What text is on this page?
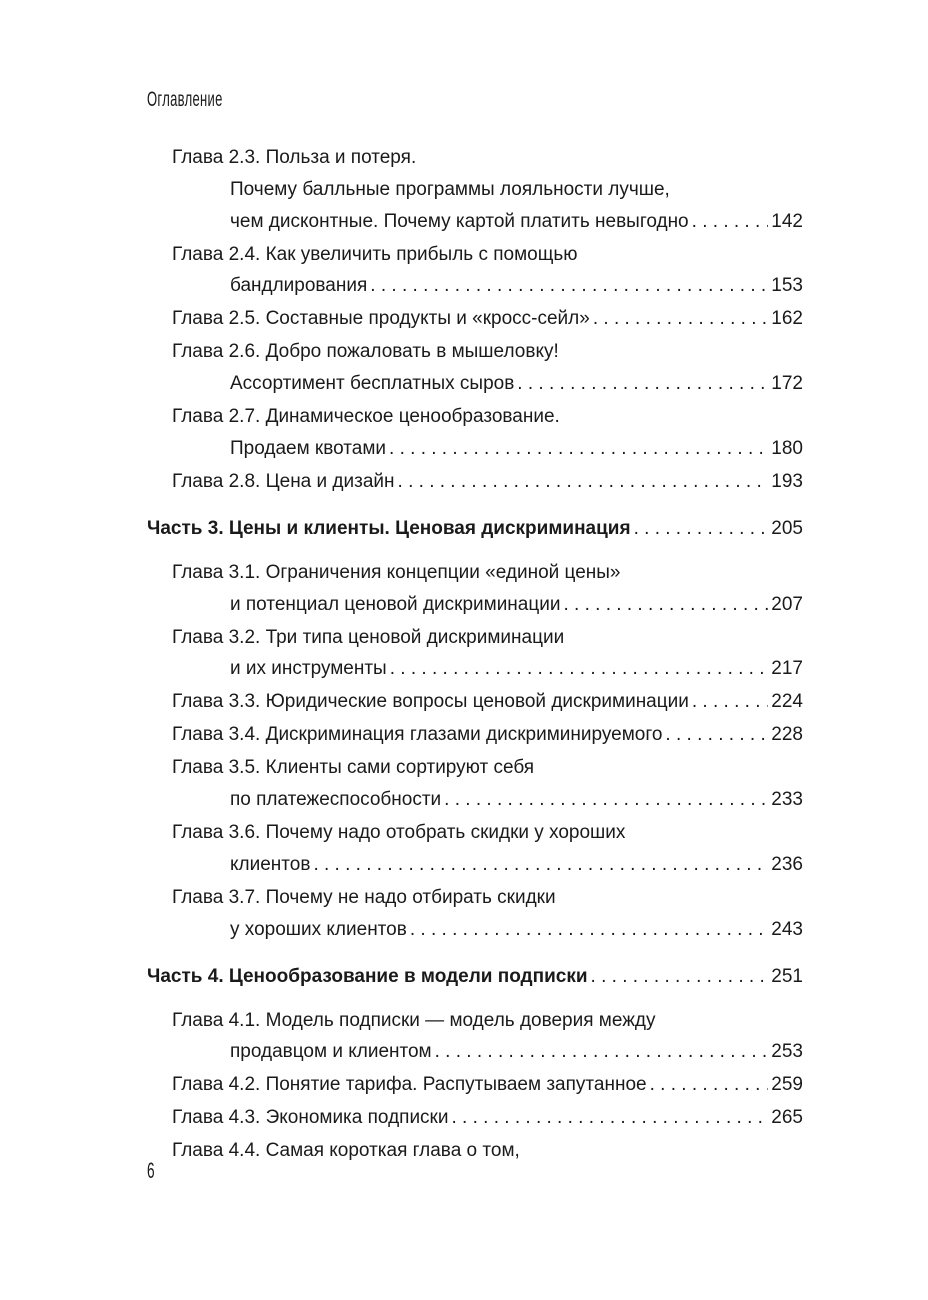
Оглавление
Глава 2.3. Польза и потеря.
Почему балльные программы лояльности лучше,
чем дисконтные. Почему картой платить невыгодно . . .	142
Глава 2.4. Как увеличить прибыль с помощью
бандлирования . . .	153
Глава 2.5. Составные продукты и «кросс-сейл» . . .	162
Глава 2.6. Добро пожаловать в мышеловку!
Ассортимент бесплатных сыров . . .	172
Глава 2.7. Динамическое ценообразование.
Продаем квотами . . .	180
Глава 2.8. Цена и дизайн . . .	193
Часть 3. Цены и клиенты. Ценовая дискриминация . . .	205
Глава 3.1. Ограничения концепции «единой цены»
и потенциал ценовой дискриминации . . .	207
Глава 3.2. Три типа ценовой дискриминации
и их инструменты . . .	217
Глава 3.3. Юридические вопросы ценовой дискриминации . . .	224
Глава 3.4. Дискриминация глазами дискриминируемого . . .	228
Глава 3.5. Клиенты сами сортируют себя
по платежеспособности . . .	233
Глава 3.6. Почему надо отобрать скидки у хороших
клиентов . . .	236
Глава 3.7. Почему не надо отбирать скидки
у хороших клиентов . . .	243
Часть 4. Ценообразование в модели подписки . . .	251
Глава 4.1. Модель подписки — модель доверия между
продавцом и клиентом . . .	253
Глава 4.2. Понятие тарифа. Распутываем запутанное . . .	259
Глава 4.3. Экономика подписки . . .	265
Глава 4.4. Самая короткая глава о том,
6
